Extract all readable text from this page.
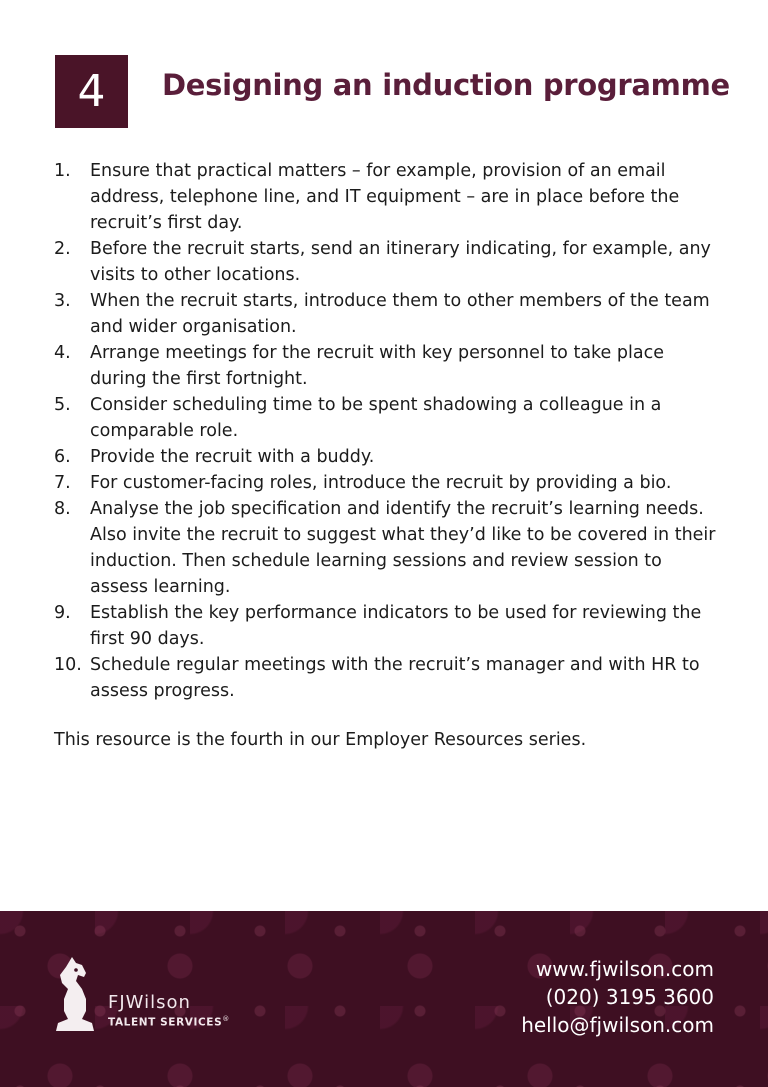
4 Designing an induction programme
1.	Ensure that practical matters – for example, provision of an email address, telephone line, and IT equipment – are in place before the recruit’s first day.
2.	Before the recruit starts, send an itinerary indicating, for example, any visits to other locations.
3.	When the recruit starts, introduce them to other members of the team and wider organisation.
4.	Arrange meetings for the recruit with key personnel to take place during the first fortnight.
5.	Consider scheduling time to be spent shadowing a colleague in a comparable role.
6.	Provide the recruit with a buddy.
7.	For customer-facing roles, introduce the recruit by providing a bio.
8.	Analyse the job specification and identify the recruit’s learning needs. Also invite the recruit to suggest what they’d like to be covered in their induction. Then schedule learning sessions and review session to assess learning.
9.	Establish the key performance indicators to be used for reviewing the first 90 days.
10. Schedule regular meetings with the recruit’s manager and with HR to assess progress.
This resource is the fourth in our Employer Resources series.
FJWilson
TALENT SERVICES®
www.fjwilson.com
(020) 3195 3600
hello@fjwilson.com
